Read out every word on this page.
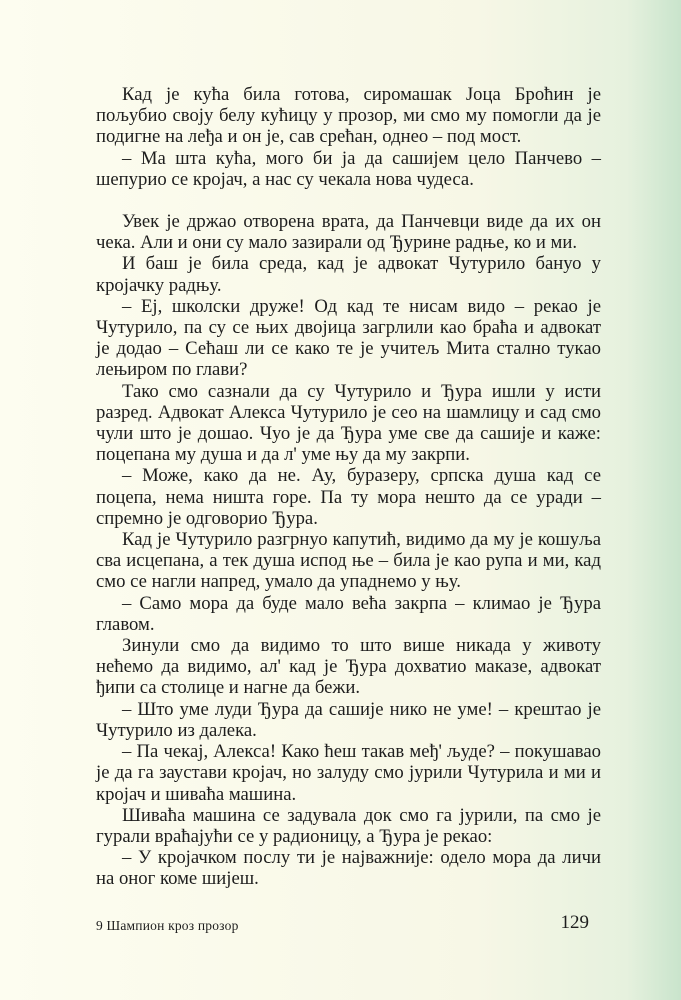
Кад је кућа била готова, сиромашак Јоца Броћин је пољубио своју белу кућицу у прозор, ми смо му помогли да је подигне на леђа и он је, сав срећан, однео – под мост.

– Ма шта кућа, мого би ја да сашијем цело Панчево – шепурио се кројач, а нас су чекала нова чудеса.

Увек је држао отворена врата, да Панчевци виде да их он чека. Али и они су мало зазирали од Ђурине радње, ко и ми.

И баш је била среда, кад је адвокат Чутурило бануо у кројачку радњу.

– Еј, школски друже! Од кад те нисам видо – рекао је Чутурило, па су се њих двојица загрлили као браћа и адвокат је додао – Сећаш ли се како те је учитељ Мита стално тукао лењиром по глави?

Тако смо сазнали да су Чутурило и Ђура ишли у исти разред. Адвокат Алекса Чутурило је сео на шамлицу и сад смо чули што је дошао. Чуо је да Ђура уме све да сашије и каже: поцепана му душа и да л' уме њу да му закрпи.

– Може, како да не. Ау, буразеру, српска душа кад се поцепа, нема ништа горе. Па ту мора нешто да се уради – спремно је одговорио Ђура.

Кад је Чутурило разгрнуо капутић, видимо да му је кошуља сва исцепана, а тек душа испод ње – била је као рупа и ми, кад смо се нагли напред, умало да упаднемо у њу.

– Само мора да буде мало већа закрпа – климао је Ђура главом.

Зинули смо да видимо то што више никада у животу нећемо да видимо, ал' кад је Ђура дохватио маказе, адвокат ђипи са столице и нагне да бежи.

– Што уме луди Ђура да сашије нико не уме! – крештао је Чутурило из далека.

– Па чекај, Алекса! Како ћеш такав међ' људе? – покушавао је да га заустави кројач, но залуду смо јурили Чутурила и ми и кројач и шиваћа машина.

Шиваћа машина се задувала док смо га јурили, па смо је гурали враћајући се у радионицу, а Ђура је рекао:

– У кројачком послу ти је најважније: одело мора да личи на оног коме шијеш.

9 Шампион кроз прозор	129
